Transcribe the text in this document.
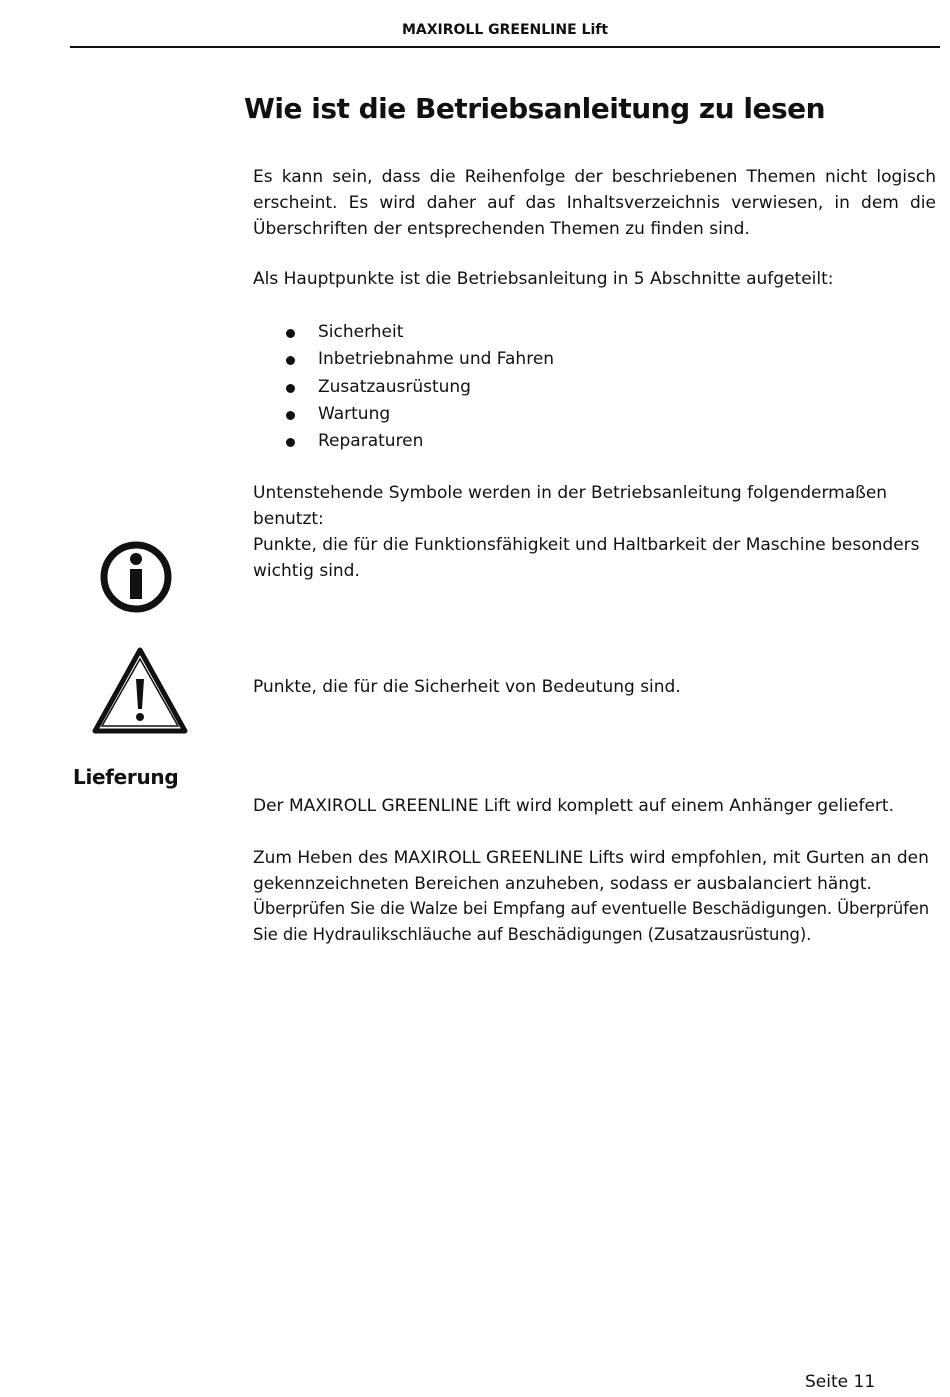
MAXIROLL GREENLINE Lift
Wie ist die Betriebsanleitung zu lesen

Es kann sein, dass die Reihenfolge der beschriebenen Themen nicht logisch erscheint. Es wird daher auf das Inhaltsverzeichnis verwiesen, in dem die Überschriften der entsprechenden Themen zu finden sind.

Als Hauptpunkte ist die Betriebsanleitung in 5 Abschnitte aufgeteilt:

Sicherheit
Inbetriebnahme und Fahren
Zusatzausrüstung
Wartung
Reparaturen

Untenstehende Symbole werden in der Betriebsanleitung folgendermaßen benutzt:

Punkte, die für die Funktionsfähigkeit und Haltbarkeit der Maschine besonders wichtig sind.

Punkte, die für die Sicherheit von Bedeutung sind.

Lieferung

Der MAXIROLL GREENLINE Lift wird komplett auf einem Anhänger geliefert.

Zum Heben des MAXIROLL GREENLINE Lifts wird empfohlen, mit Gurten an den gekennzeichneten Bereichen anzuheben, sodass er ausbalanciert hängt.

Überprüfen Sie die Walze bei Empfang auf eventuelle Beschädigungen. Überprüfen Sie die Hydraulikschläuche auf Beschädigungen (Zusatzausrüstung).

Seite 11
